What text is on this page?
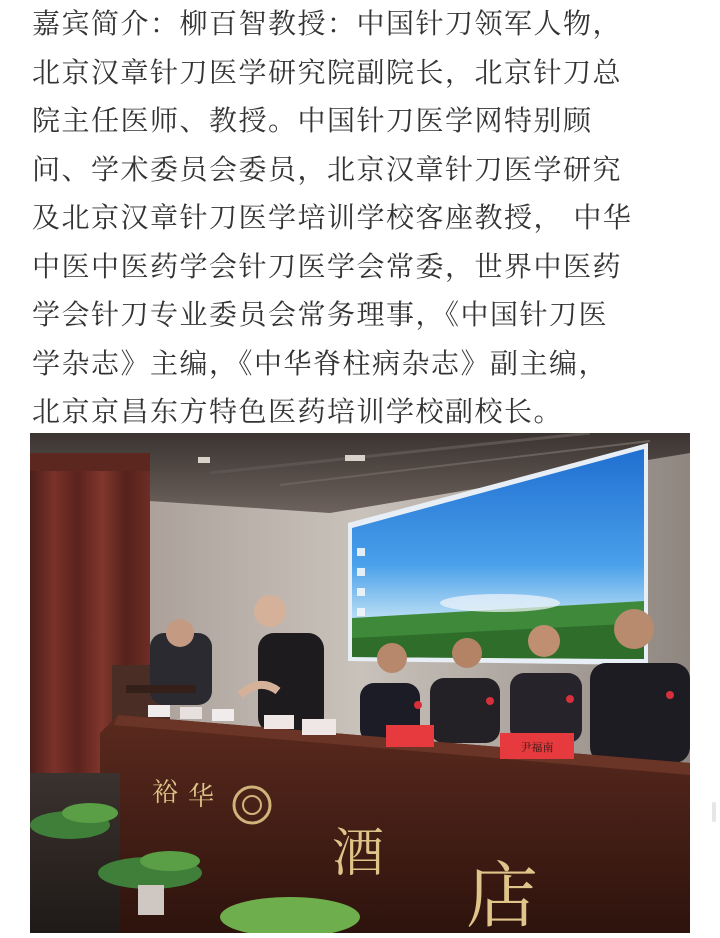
嘉宾简介：柳百智教授：中国针刀领军人物，
北京汉章针刀医学研究院副院长，北京针刀总
院主任医师、教授。中国针刀医学网特别顾
问、学术委员会委员，北京汉章针刀医学研究
及北京汉章针刀医学培训学校客座教授， 中华
中医中医药学会针刀医学会常委，世界中医药
学会针刀专业委员会常务理事，《中国针刀医
学杂志》主编，《中华脊柱病杂志》副主编，
北京京昌东方特色医药培训学校副校长。
尹福南
裕 华
酒 店
